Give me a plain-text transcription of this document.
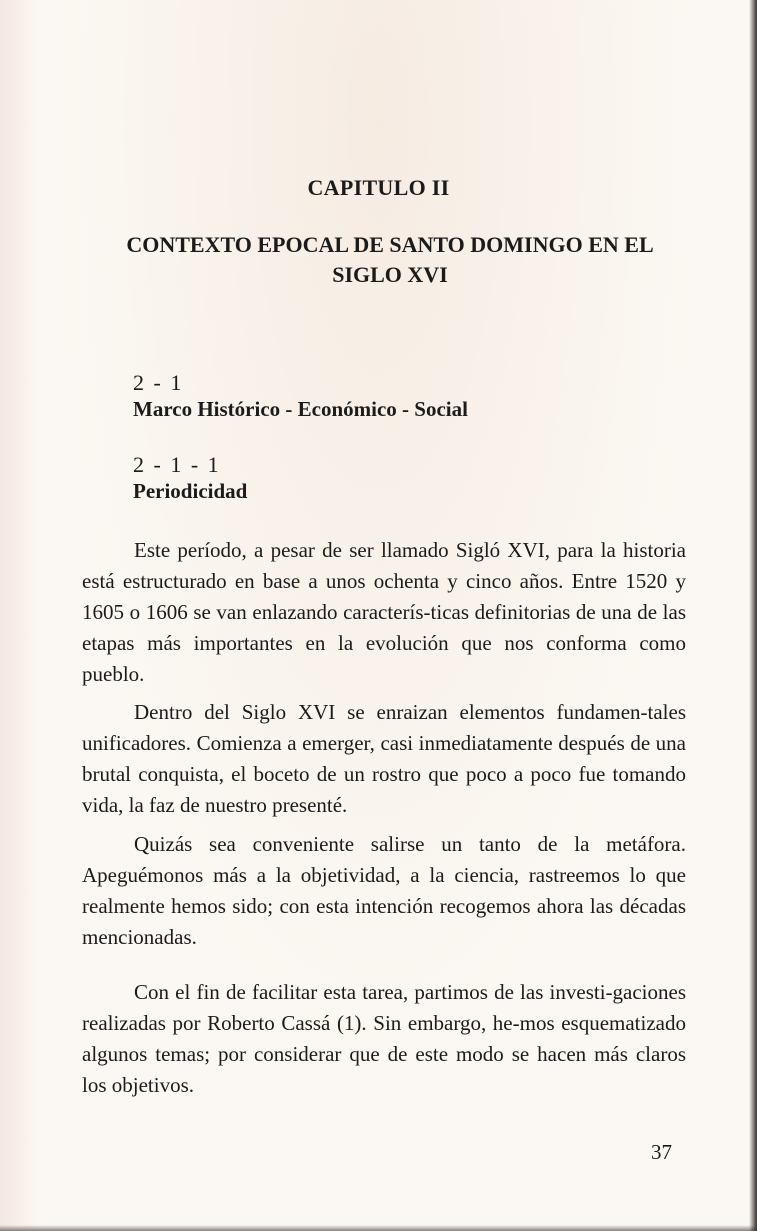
CAPITULO II
CONTEXTO EPOCAL DE SANTO DOMINGO EN EL
SIGLO XVI
2 - 1
Marco Histórico - Económico - Social
2 - 1 - 1
Periodicidad
Este período, a pesar de ser llamado Sigló XVI, para la historia está estructurado en base a unos ochenta y cinco años. Entre 1520 y 1605 o 1606 se van enlazando caracterís-ticas definitorias de una de las etapas más importantes en la evolución que nos conforma como pueblo.
Dentro del Siglo XVI se enraizan elementos fundamen-tales unificadores. Comienza a emerger, casi inmediatamente después de una brutal conquista, el boceto de un rostro que poco a poco fue tomando vida, la faz de nuestro presenté.
Quizás sea conveniente salirse un tanto de la metáfora. Apeguémonos más a la objetividad, a la ciencia, rastreemos lo que realmente hemos sido; con esta intención recogemos ahora las décadas mencionadas.
Con el fin de facilitar esta tarea, partimos de las investi-gaciones realizadas por Roberto Cassá (1). Sin embargo, he-mos esquematizado algunos temas; por considerar que de este modo se hacen más claros los objetivos.
37
